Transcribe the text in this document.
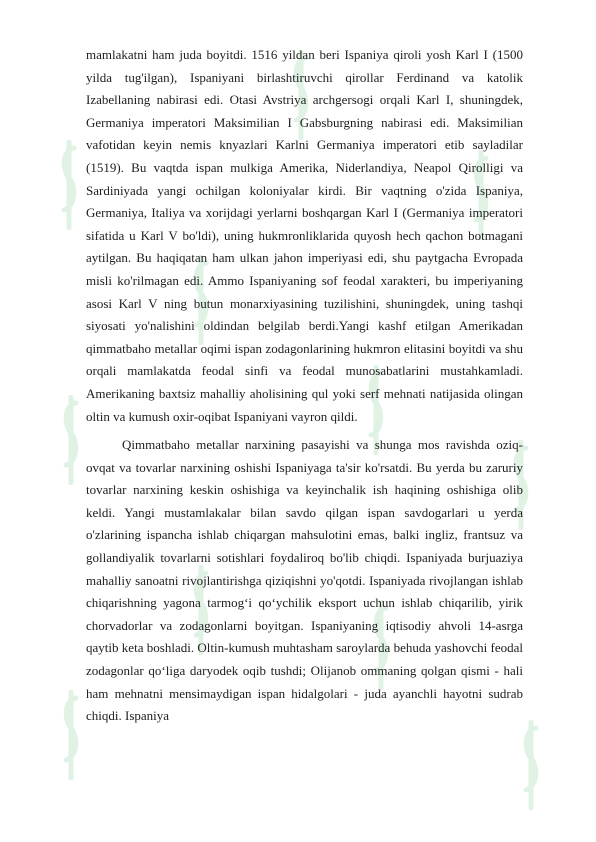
mamlakatni ham juda boyitdi. 1516 yildan beri Ispaniya qiroli yosh Karl I (1500 yilda tug'ilgan), Ispaniyani birlashtiruvchi qirollar Ferdinand va katolik Izabellaning nabirasi edi. Otasi Avstriya archgersogi orqali Karl I, shuningdek, Germaniya imperatori Maksimilian I Gabsburgning nabirasi edi. Maksimilian vafotidan keyin nemis knyazlari Karlni Germaniya imperatori etib sayladilar (1519). Bu vaqtda ispan mulkiga Amerika, Niderlandiya, Neapol Qirolligi va Sardiniyada yangi ochilgan koloniyalar kirdi. Bir vaqtning o'zida Ispaniya, Germaniya, Italiya va xorijdagi yerlarni boshqargan Karl I (Germaniya imperatori sifatida u Karl V bo'ldi), uning hukmronliklarida quyosh hech qachon botmagani aytilgan. Bu haqiqatan ham ulkan jahon imperiyasi edi, shu paytgacha Evropada misli ko'rilmagan edi. Ammo Ispaniyaning sof feodal xarakteri, bu imperiyaning asosi Karl V ning butun monarxiyasining tuzilishini, shuningdek, uning tashqi siyosati yo'nalishini oldindan belgilab berdi.Yangi kashf etilgan Amerikadan qimmatbaho metallar oqimi ispan zodagonlarining hukmron elitasini boyitdi va shu orqali mamlakatda feodal sinfi va feodal munosabatlarini mustahkamladi. Amerikaning baxtsiz mahalliy aholisining qul yoki serf mehnati natijasida olingan oltin va kumush oxir-oqibat Ispaniyani vayron qildi.

Qimmatbaho metallar narxining pasayishi va shunga mos ravishda oziq-ovqat va tovarlar narxining oshishi Ispaniyaga ta'sir ko'rsatdi. Bu yerda bu zaruriy tovarlar narxining keskin oshishiga va keyinchalik ish haqining oshishiga olib keldi. Yangi mustamlakalar bilan savdo qilgan ispan savdogarlari u yerda o'zlarining ispancha ishlab chiqargan mahsulotini emas, balki ingliz, frantsuz va gollandiyalik tovarlarni sotishlari foydaliroq bo'lib chiqdi. Ispaniyada burjuaziya mahalliy sanoatni rivojlantirishga qiziqishni yo'qotdi. Ispaniyada rivojlangan ishlab chiqarishning yagona tarmog‘i qo‘ychilik eksport uchun ishlab chiqarilib, yirik chorvadorlar va zodagonlarni boyitgan. Ispaniyaning iqtisodiy ahvoli 14-asrga qaytib keta boshladi. Oltin-kumush muhtasham saroylarda behuda yashovchi feodal zodagonlar qo‘liga daryodek oqib tushdi; Olijanob ommaning qolgan qismi - hali ham mehnatni mensimaydigan ispan hidalgolari - juda ayanchli hayotni sudrab chiqdi. Ispaniya
